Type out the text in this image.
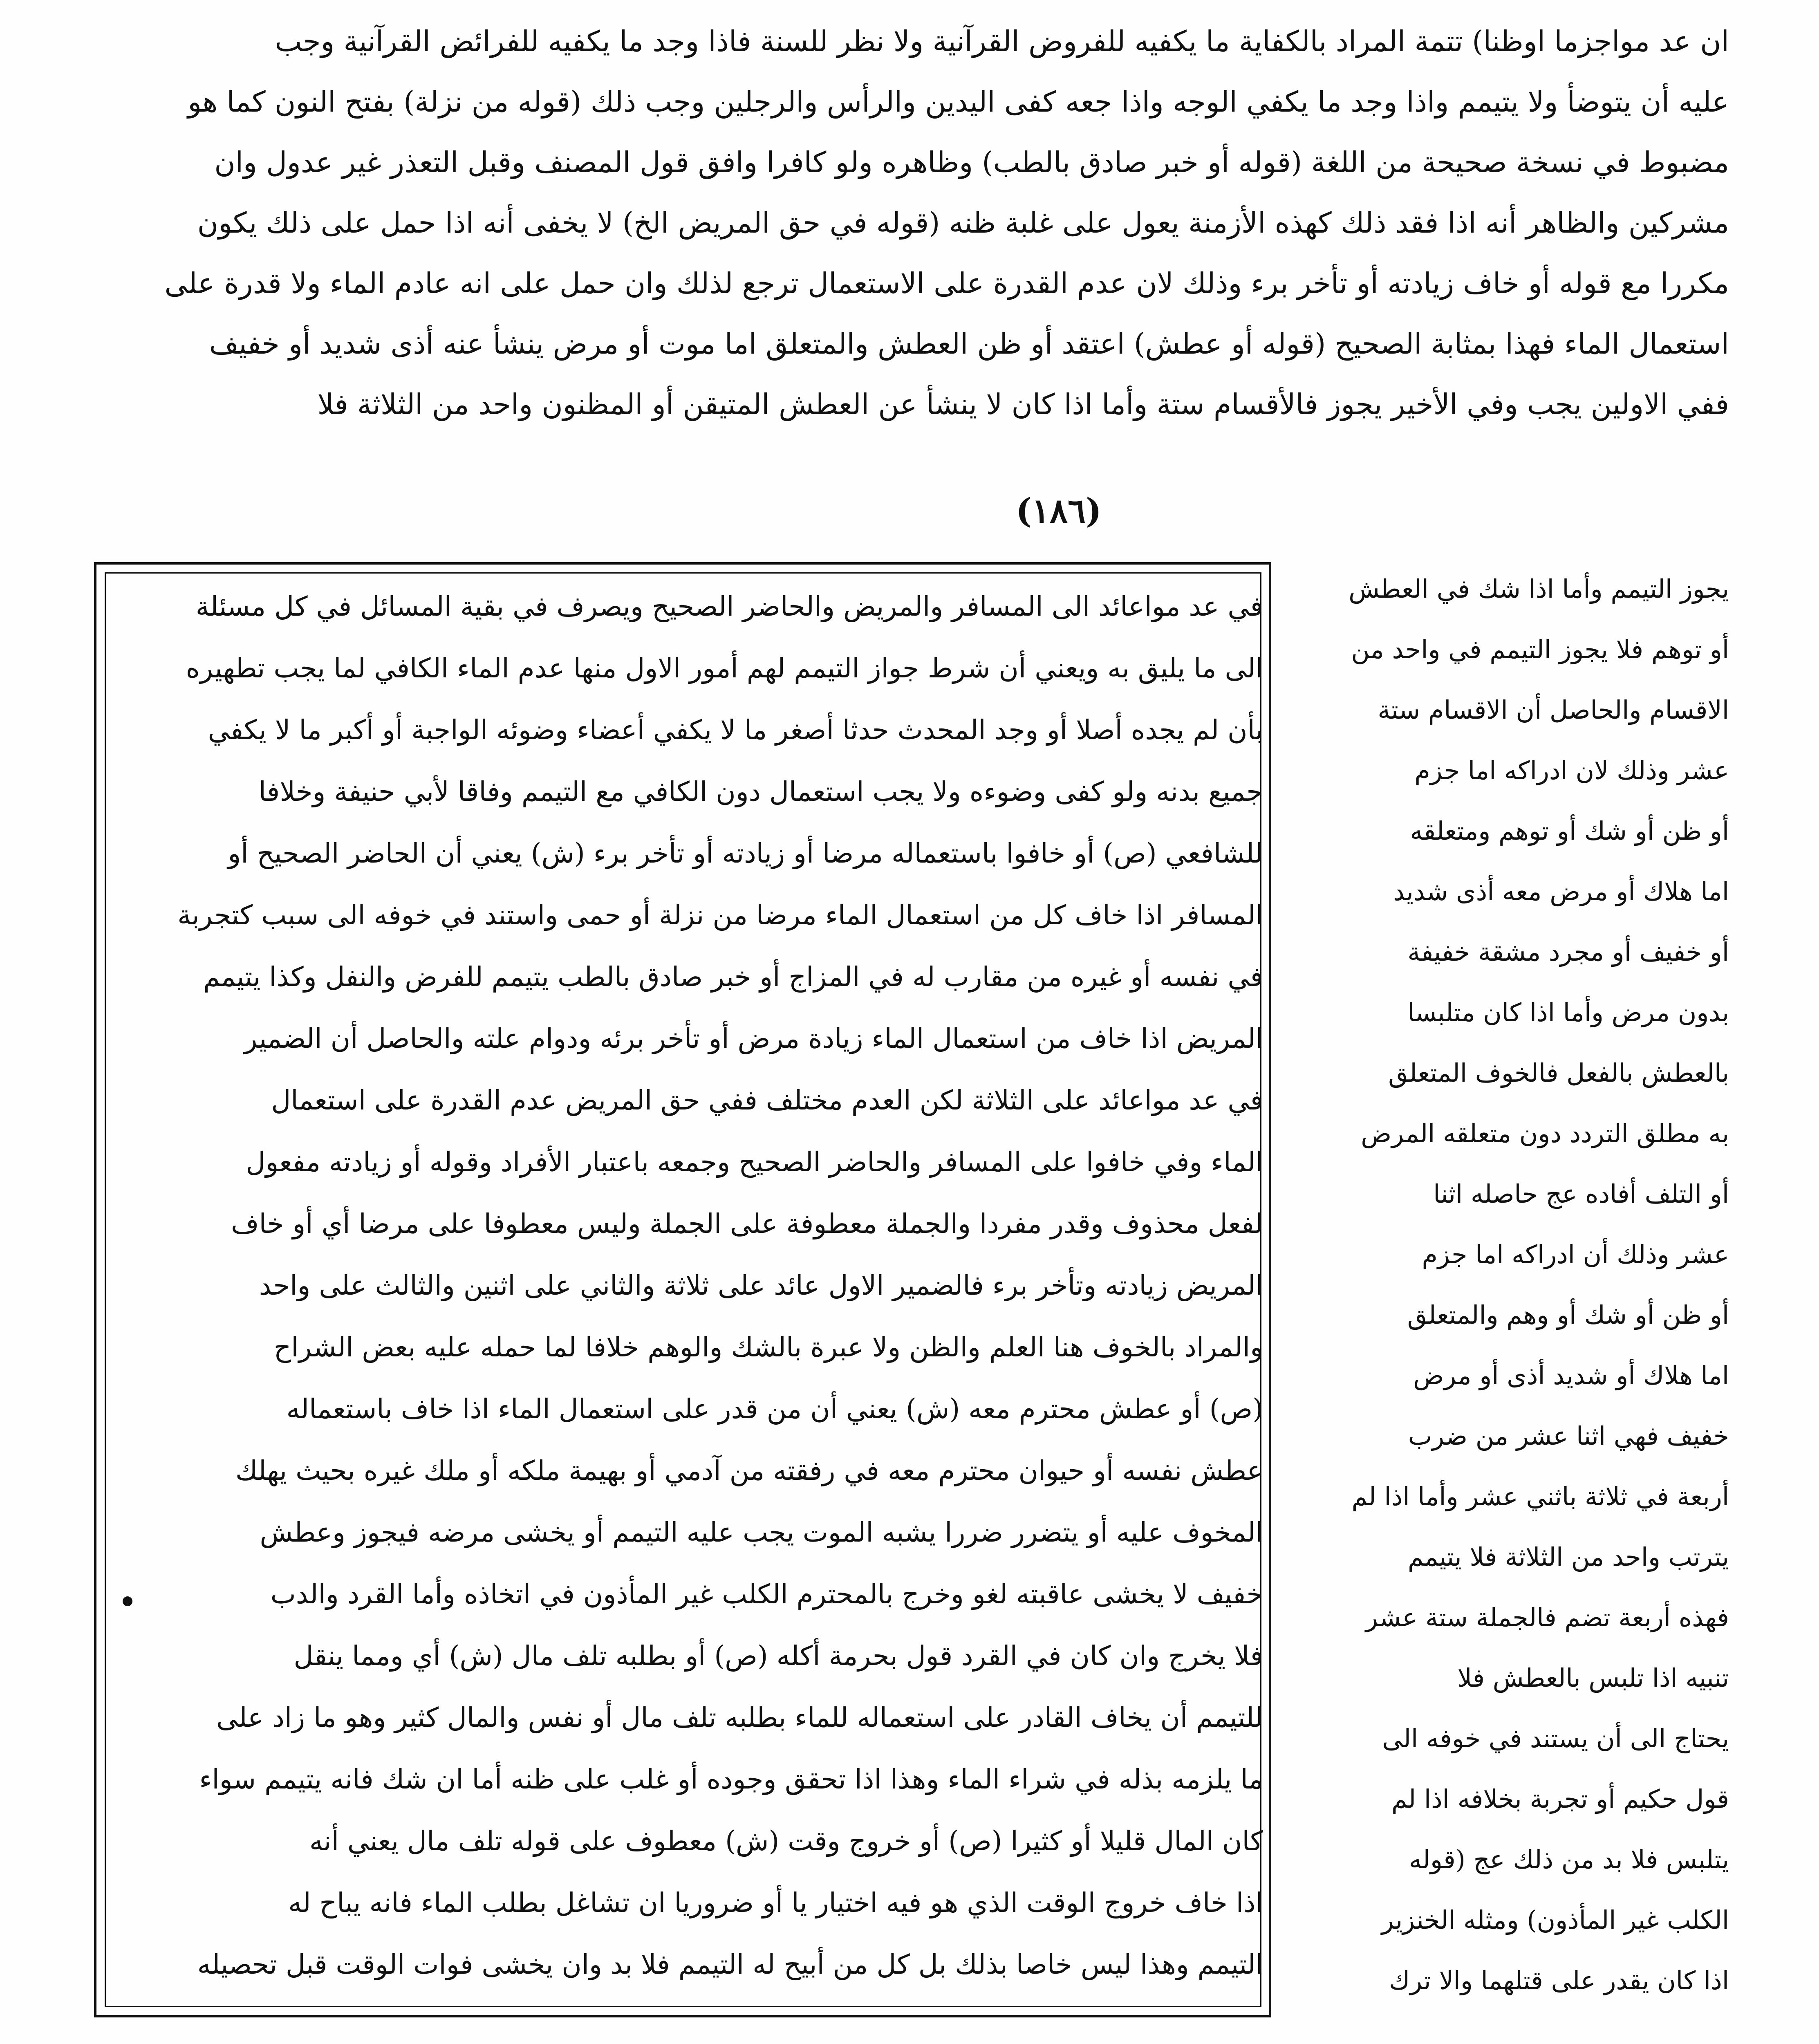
(١٨٦)
ان عد مواجزما اوظنا) تتمة المراد بالكفاية ما يكفيه للفروض القرآنية ولا نظر للسنة فاذا وجد ما يكفيه للفرائض القرآنية وجب
عليه أن يتوضأ ولا يتيمم واذا وجد ما يكفي الوجه واذا جعه كفى اليدين والرأس والرجلين وجب ذلك (قوله من نزلة) بفتح النون كما هو
مضبوط في نسخة صحيحة من اللغة (قوله أو خبر صادق بالطب) وظاهره ولو كافرا وافق قول المصنف وقبل التعذر غير عدول وان
مشركين والظاهر أنه اذا فقد ذلك كهذه الأزمنة يعول على غلبة ظنه (قوله في حق المريض الخ) لا يخفى أنه اذا حمل على ذلك يكون
مكررا مع قوله أو خاف زيادته أو تأخر برء وذلك لان عدم القدرة على الاستعمال ترجع لذلك وان حمل على انه عادم الماء ولا قدرة على
استعمال الماء فهذا بمثابة الصحيح (قوله أو عطش) اعتقد أو ظن العطش والمتعلق اما موت أو مرض ينشأ عنه أذى شديد أو خفيف
ففي الاولين يجب وفي الأخير يجوز فالأقسام ستة وأما اذا كان لا ينشأ عن العطش المتيقن أو المظنون واحد من الثلاثة فلا
في عد مواعائد الى المسافر والمريض والحاضر الصحيح ويصرف في بقية المسائل في كل مسئلة
الى ما يليق به ويعني أن شرط جواز التيمم لهم أمور الاول منها عدم الماء الكافي لما يجب تطهيره
بأن لم يجده أصلا أو وجد المحدث حدثا أصغر ما لا يكفي أعضاء وضوئه الواجبة أو أكبر ما لا يكفي
جميع بدنه ولو كفى وضوءه ولا يجب استعمال دون الكافي مع التيمم وفاقا لأبي حنيفة وخلافا
للشافعي (ص) أو خافوا باستعماله مرضا أو زيادته أو تأخر برء (ش) يعني أن الحاضر الصحيح أو
المسافر اذا خاف كل من استعمال الماء مرضا من نزلة أو حمى واستند في خوفه الى سبب كتجربة
في نفسه أو غيره من مقارب له في المزاج أو خبر صادق بالطب يتيمم للفرض والنفل وكذا يتيمم
المريض اذا خاف من استعمال الماء زيادة مرض أو تأخر برئه ودوام علته والحاصل أن الضمير
في عد مواعائد على الثلاثة لكن العدم مختلف ففي حق المريض عدم القدرة على استعمال
الماء وفي خافوا على المسافر والحاضر الصحيح وجمعه باعتبار الأفراد وقوله أو زيادته مفعول
لفعل محذوف وقدر مفردا والجملة معطوفة على الجملة وليس معطوفا على مرضا أي أو خاف
المريض زيادته وتأخر برء فالضمير الاول عائد على ثلاثة والثاني على اثنين والثالث على واحد
والمراد بالخوف هنا العلم والظن ولا عبرة بالشك والوهم خلافا لما حمله عليه بعض الشراح
(ص) أو عطش محترم معه (ش) يعني أن من قدر على استعمال الماء اذا خاف باستعماله
عطش نفسه أو حيوان محترم معه في رفقته من آدمي أو بهيمة ملكه أو ملك غيره بحيث يهلك
المخوف عليه أو يتضرر ضررا يشبه الموت يجب عليه التيمم أو يخشى مرضه فيجوز وعطش
خفيف لا يخشى عاقبته لغو وخرج بالمحترم الكلب غير المأذون في اتخاذه وأما القرد والدب
فلا يخرج وان كان في القرد قول بحرمة أكله (ص) أو بطلبه تلف مال (ش) أي ومما ينقل
للتيمم أن يخاف القادر على استعماله للماء بطلبه تلف مال أو نفس والمال كثير وهو ما زاد على
ما يلزمه بذله في شراء الماء وهذا اذا تحقق وجوده أو غلب على ظنه أما ان شك فانه يتيمم سواء
كان المال قليلا أو كثيرا (ص) أو خروج وقت (ش) معطوف على قوله تلف مال يعني أنه
اذا خاف خروج الوقت الذي هو فيه اختيار يا أو ضروريا ان تشاغل بطلب الماء فانه يباح له
التيمم وهذا ليس خاصا بذلك بل كل من أبيح له التيمم فلا بد وان يخشى فوات الوقت قبل تحصيله
يجوز التيمم وأما اذا شك في العطش
أو توهم فلا يجوز التيمم في واحد من
الاقسام والحاصل أن الاقسام ستة
عشر وذلك لان ادراكه اما جزم
أو ظن أو شك أو توهم ومتعلقه
اما هلاك أو مرض معه أذى شديد
أو خفيف أو مجرد مشقة خفيفة
بدون مرض وأما اذا كان متلبسا
بالعطش بالفعل فالخوف المتعلق
به مطلق التردد دون متعلقه المرض
أو التلف أفاده عج حاصله اثنا
عشر وذلك أن ادراكه اما جزم
أو ظن أو شك أو وهم والمتعلق
اما هلاك أو شديد أذى أو مرض
خفيف فهي اثنا عشر من ضرب
أربعة في ثلاثة باثني عشر وأما اذا لم
يترتب واحد من الثلاثة فلا يتيمم
فهذه أربعة تضم فالجملة ستة عشر
تنبيه اذا تلبس بالعطش فلا
يحتاج الى أن يستند في خوفه الى
قول حكيم أو تجربة بخلافه اذا لم
يتلبس فلا بد من ذلك عج (قوله
الكلب غير المأذون) ومثله الخنزير
اذا كان يقدر على قتلهما والا ترك
